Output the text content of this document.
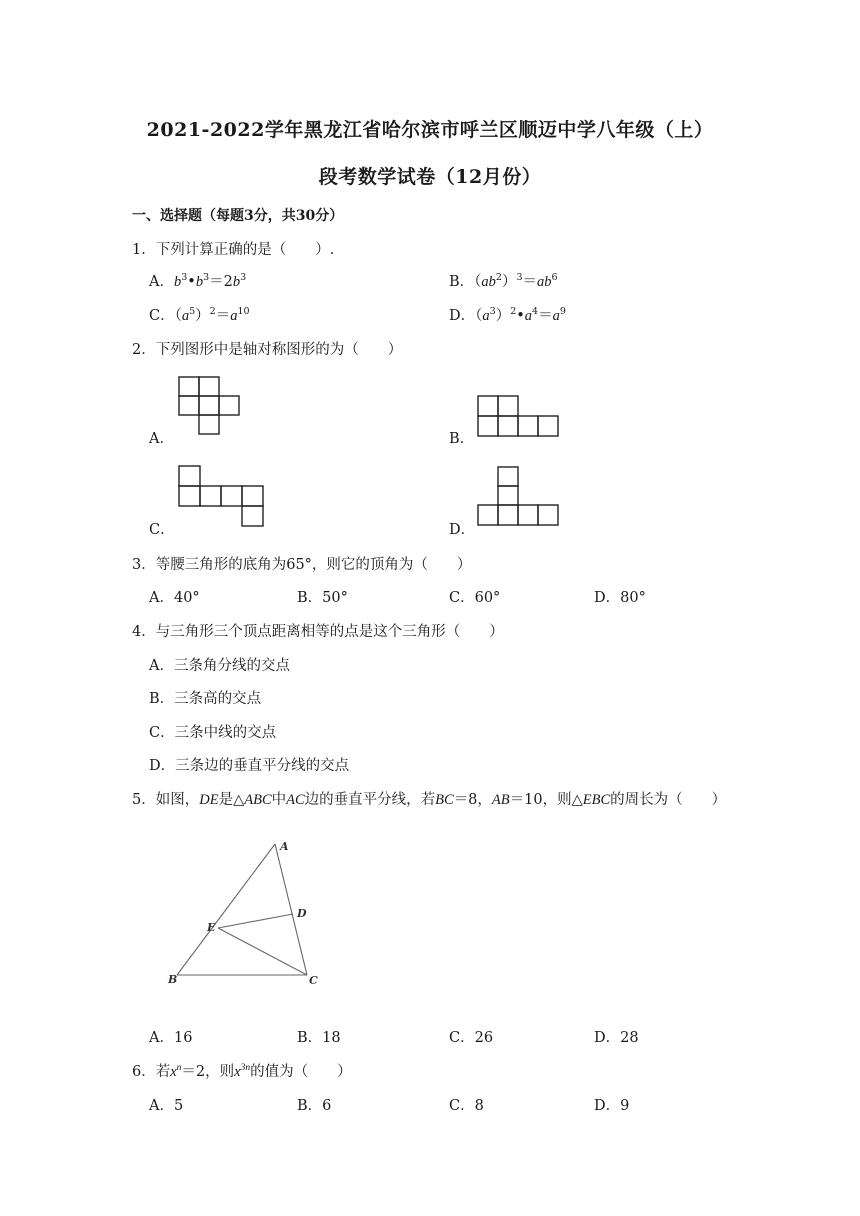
2021-2022学年黑龙江省哈尔滨市呼兰区顺迈中学八年级（上）
段考数学试卷（12月份）
一、选择题（每题3分，共30分）
1．下列计算正确的是（　　）.
A．$b^3•b^3=2b^3$	B．$(ab^2)^3=ab^6$
C．$(a^5)^2=a^{10}$	D．$(a^3)^2•a^4=a^9$
2．下列图形中是轴对称图形的为（　　）
A．	B．
C．	D．
3．等腰三角形的底角为65°，则它的顶角为（　　）
A．40°	B．50°	C．60°	D．80°
4．与三角形三个顶点距离相等的点是这个三角形（　　）
A．三条角分线的交点
B．三条高的交点
C．三条中线的交点
D．三条边的垂直平分线的交点
5．如图，DE是△ABC中AC边的垂直平分线，若BC＝8，AB＝10，则△EBC的周长为（　　）
A
B	C
D
E
A．16	B．18	C．26	D．28
6．若$x^n=2$，则$x^{3n}$的值为（　　）
A．5	B．6	C．8	D．9
